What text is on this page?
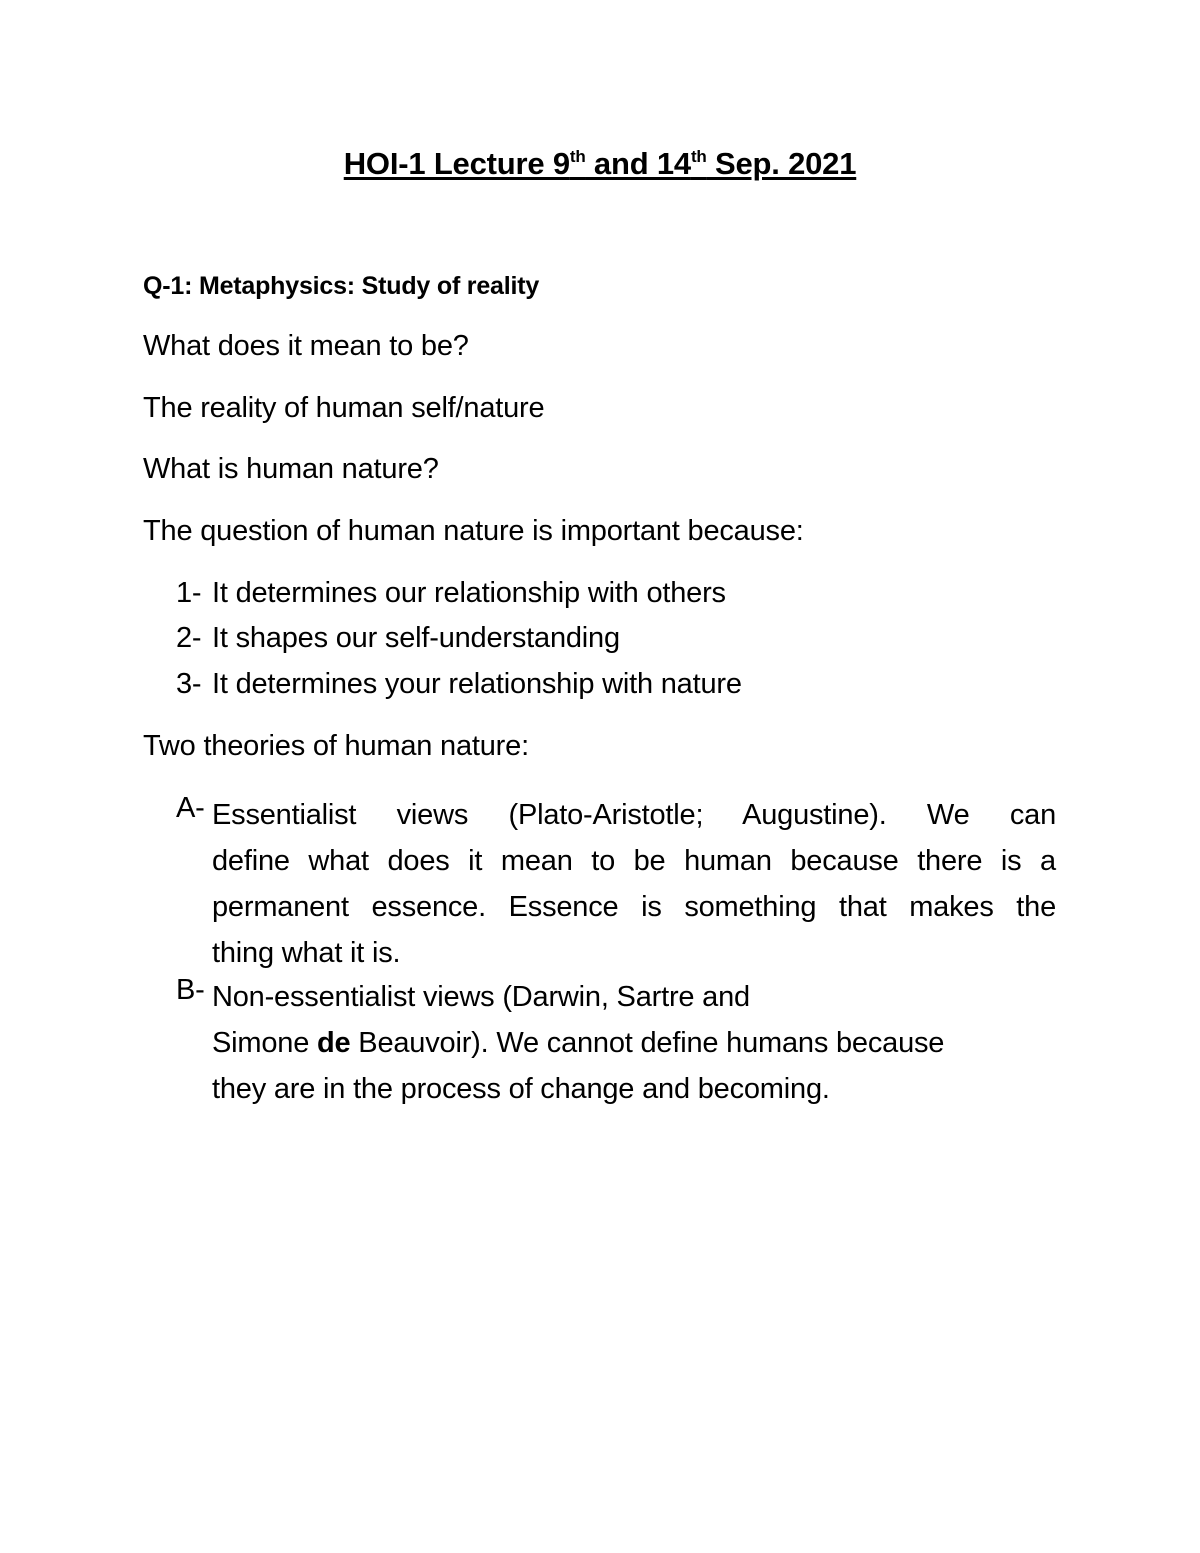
HOI-1 Lecture 9th and 14th Sep. 2021
Q-1: Metaphysics: Study of reality
What does it mean to be?
The reality of human self/nature
What is human nature?
The question of human nature is important because:
1- It determines our relationship with others
2- It shapes our self-understanding
3- It determines your relationship with nature
Two theories of human nature:
A- Essentialist views (Plato-Aristotle; Augustine). We can
define what does it mean to be human because there is a
permanent essence. Essence is something that makes the
thing what it is.
B- Non-essentialist views (Darwin, Sartre and
Simone de Beauvoir). We cannot define humans because
they are in the process of change and becoming.
